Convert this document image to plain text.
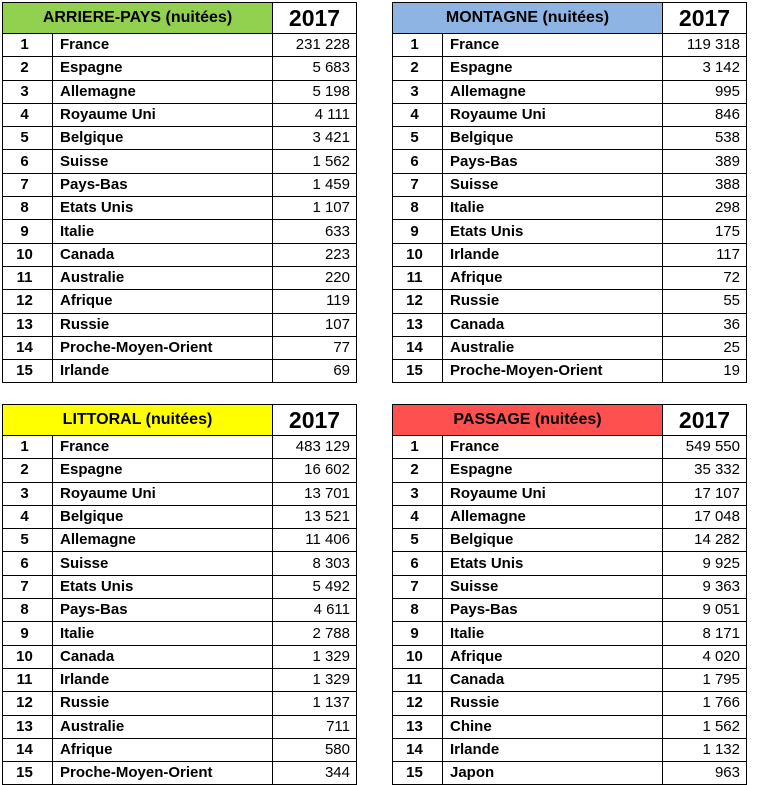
ARRIERE-PAYS (nuitées)		2017
1	France	231 228
2	Espagne	5 683
3	Allemagne	5 198
4	Royaume Uni	4 111
5	Belgique	3 421
6	Suisse	1 562
7	Pays-Bas	1 459
8	Etats Unis	1 107
9	Italie	633
10	Canada	223
11	Australie	220
12	Afrique	119
13	Russie	107
14	Proche-Moyen-Orient	77
15	Irlande	69
MONTAGNE (nuitées)		2017
1	France	119 318
2	Espagne	3 142
3	Allemagne	995
4	Royaume Uni	846
5	Belgique	538
6	Pays-Bas	389
7	Suisse	388
8	Italie	298
9	Etats Unis	175
10	Irlande	117
11	Afrique	72
12	Russie	55
13	Canada	36
14	Australie	25
15	Proche-Moyen-Orient	19
LITTORAL (nuitées)		2017
1	France	483 129
2	Espagne	16 602
3	Royaume Uni	13 701
4	Belgique	13 521
5	Allemagne	11 406
6	Suisse	8 303
7	Etats Unis	5 492
8	Pays-Bas	4 611
9	Italie	2 788
10	Canada	1 329
11	Irlande	1 329
12	Russie	1 137
13	Australie	711
14	Afrique	580
15	Proche-Moyen-Orient	344
PASSAGE (nuitées)		2017
1	France	549 550
2	Espagne	35 332
3	Royaume Uni	17 107
4	Allemagne	17 048
5	Belgique	14 282
6	Etats Unis	9 925
7	Suisse	9 363
8	Pays-Bas	9 051
9	Italie	8 171
10	Afrique	4 020
11	Canada	1 795
12	Russie	1 766
13	Chine	1 562
14	Irlande	1 132
15	Japon	963
